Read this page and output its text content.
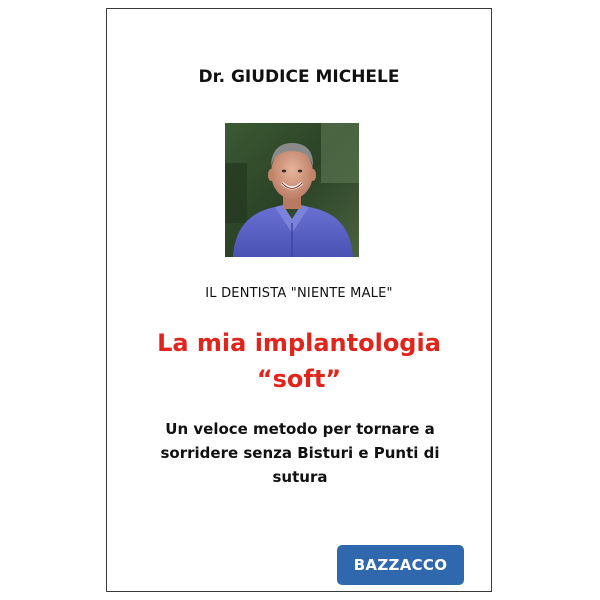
Dr. GIUDICE MICHELE
IL DENTISTA "NIENTE MALE"
La mia implantologia
“soft”
Un veloce metodo per tornare a
sorridere senza Bisturi e Punti di
sutura
BAZZACCO
